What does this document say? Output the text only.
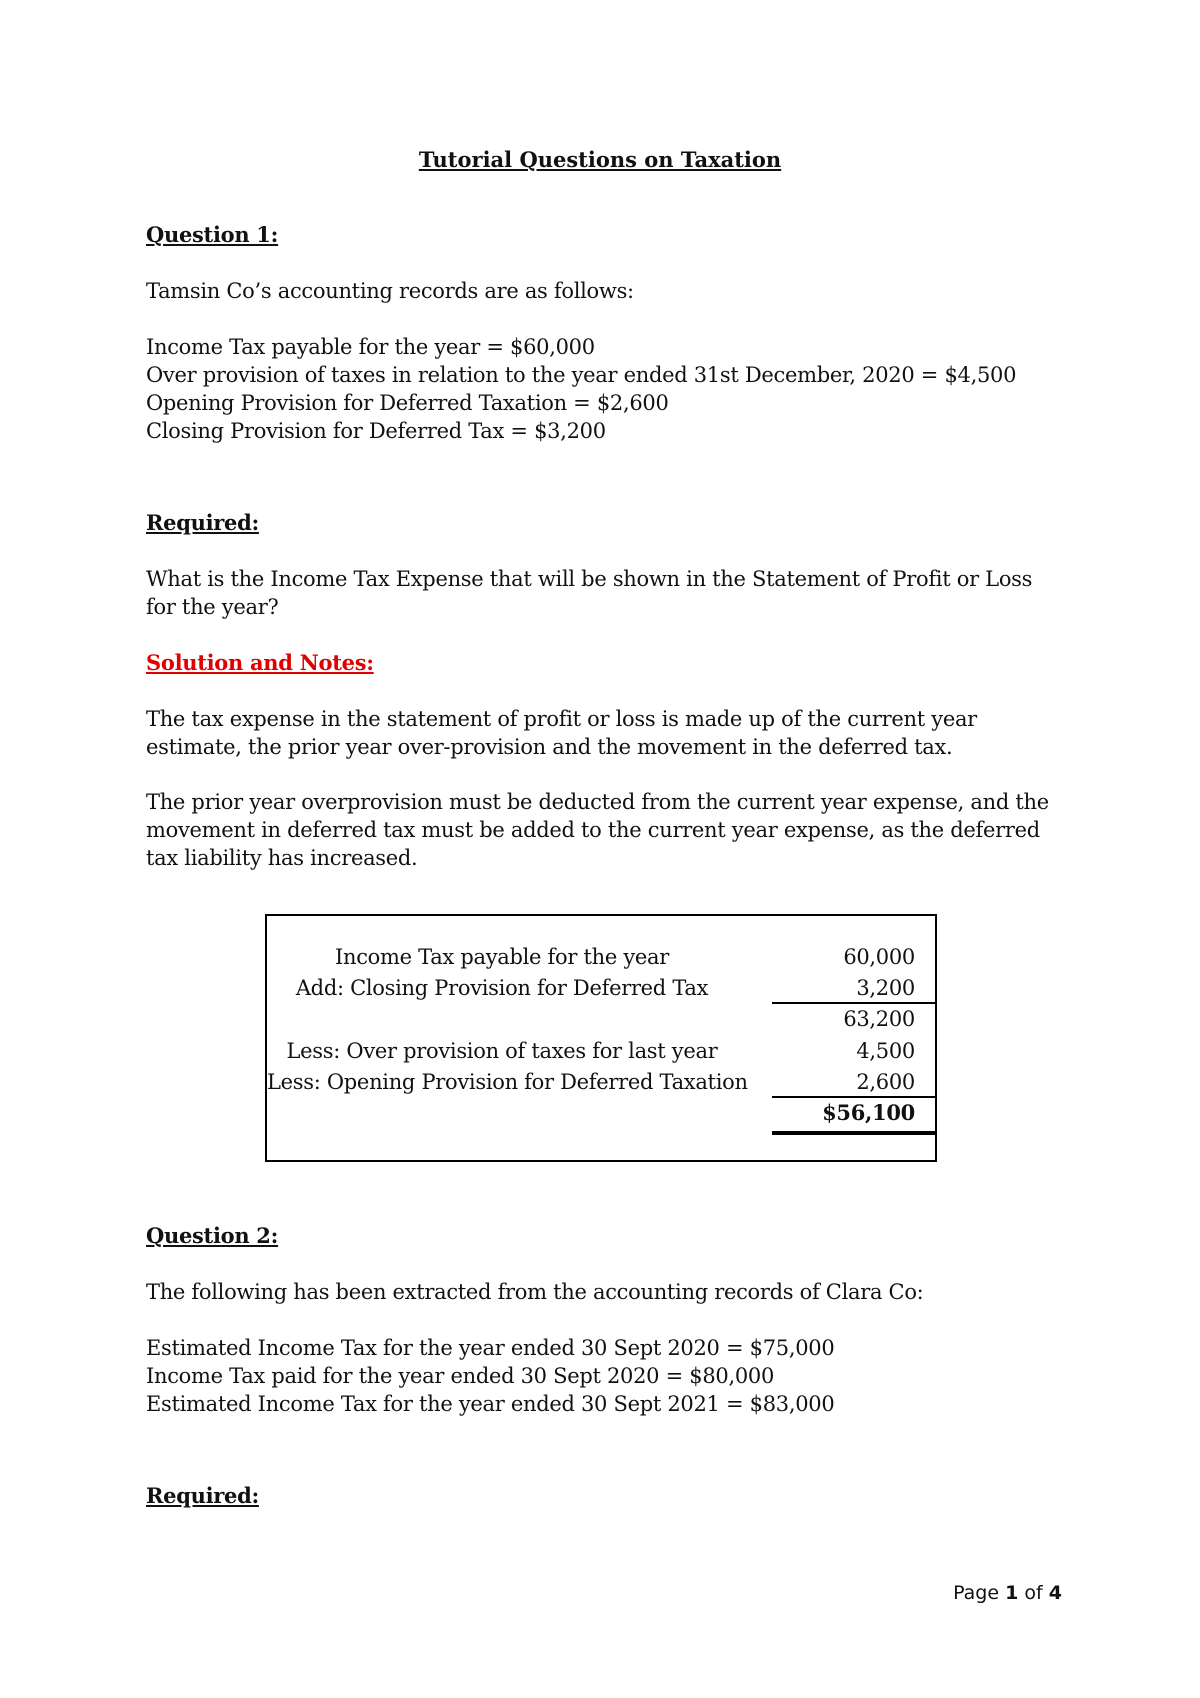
Tutorial Questions on Taxation
Question 1:
Tamsin Co’s accounting records are as follows:
Income Tax payable for the year = $60,000
Over provision of taxes in relation to the year ended 31st December, 2020 = $4,500
Opening Provision for Deferred Taxation = $2,600
Closing Provision for Deferred Tax = $3,200
Required:
What is the Income Tax Expense that will be shown in the Statement of Profit or Loss for the year?
Solution and Notes:
The tax expense in the statement of profit or loss is made up of the current year estimate, the prior year over-provision and the movement in the deferred tax.
The prior year overprovision must be deducted from the current year expense, and the movement in deferred tax must be added to the current year expense, as the deferred tax liability has increased.
Income Tax payable for the year	60,000
Add: Closing Provision for Deferred Tax	3,200
63,200
Less: Over provision of taxes for last year	4,500
Less: Opening Provision for Deferred Taxation	2,600
$56,100
Question 2:
The following has been extracted from the accounting records of Clara Co:
Estimated Income Tax for the year ended 30 Sept 2020 = $75,000
Income Tax paid for the year ended 30 Sept 2020 = $80,000
Estimated Income Tax for the year ended 30 Sept 2021 = $83,000
Required:
Page 1 of 4
